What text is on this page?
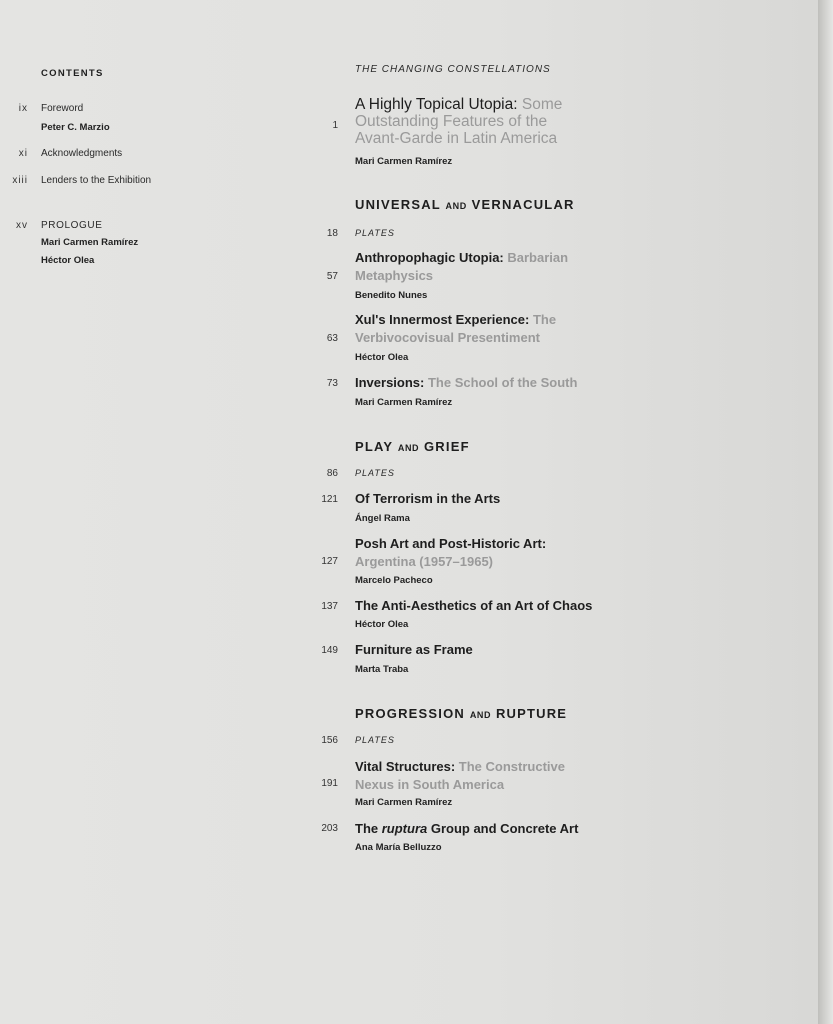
CONTENTS
ix Foreword
Peter C. Marzio
xi Acknowledgments
xiii Lenders to the Exhibition
xv PROLOGUE
Mari Carmen Ramírez
Héctor Olea
THE CHANGING CONSTELLATIONS
1
A Highly Topical Utopia: Some Outstanding Features of the Avant-Garde in Latin America
Mari Carmen Ramírez
UNIVERSAL AND VERNACULAR
18 PLATES
57
Anthropophagic Utopia: Barbarian Metaphysics
Benedito Nunes
63
Xul's Innermost Experience: The Verbivocovisual Presentiment
Héctor Olea
73 Inversions: The School of the South
Mari Carmen Ramírez
PLAY AND GRIEF
86 PLATES
121 Of Terrorism in the Arts
Ángel Rama
127
Posh Art and Post-Historic Art: Argentina (1957–1965)
Marcelo Pacheco
137 The Anti-Aesthetics of an Art of Chaos
Héctor Olea
149 Furniture as Frame
Marta Traba
PROGRESSION AND RUPTURE
156 PLATES
191
Vital Structures: The Constructive Nexus in South America
Mari Carmen Ramírez
203 The ruptura Group and Concrete Art
Ana María Belluzzo
